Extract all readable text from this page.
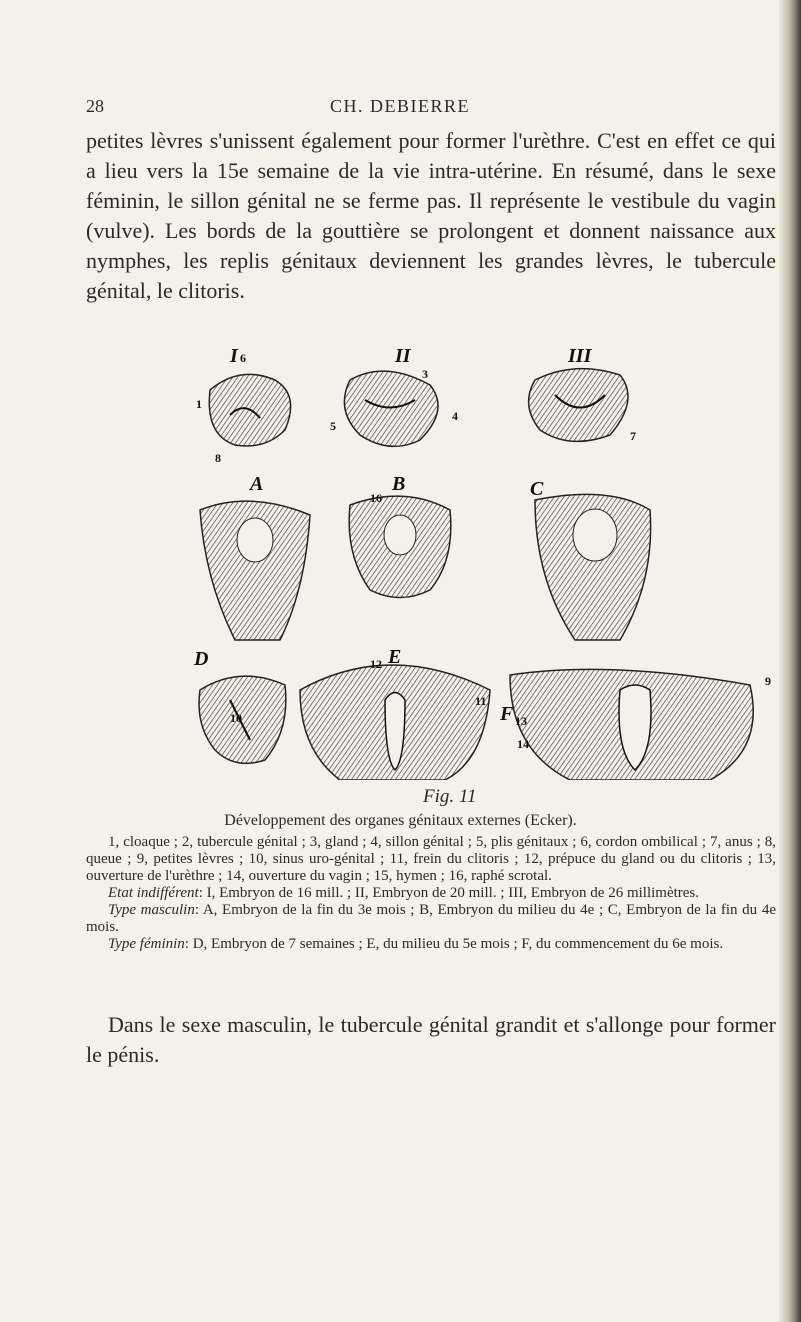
28	CH. DEBIERRE

petites lèvres s'unissent également pour former l'urèthre. C'est en effet ce qui a lieu vers la 15e semaine de la vie intra-utérine. En résumé, dans le sexe féminin, le sillon génital ne se ferme pas. Il représente le vestibule du vagin (vulve). Les bords de la gouttière se prolongent et donnent naissance aux nymphes, les replis génitaux deviennent les grandes lèvres, le tubercule génital, le clitoris.

I	II	III
A	B	C
D	E
F
1
3
4
5
6
7
8
9
10
11
12
13
14
16
Fig. 11
Développement des organes génitaux externes (Ecker).

1, cloaque ; 2, tubercule génital ; 3, gland ; 4, sillon génital ; 5, plis génitaux ; 6, cordon ombilical ; 7, anus ; 8, queue ; 9, petites lèvres ; 10, sinus uro-génital ; 11, frein du clitoris ; 12, prépuce du gland ou du clitoris ; 13, ouverture de l'urèthre ; 14, ouverture du vagin ; 15, hymen ; 16, raphé scrotal.

Etat indifférent: I, Embryon de 16 mill. ; II, Embryon de 20 mill. ; III, Embryon de 26 millimètres.

Type masculin: A, Embryon de la fin du 3e mois ; B, Embryon du milieu du 4e ; C, Embryon de la fin du 4e mois.

Type féminin: D, Embryon de 7 semaines ; E, du milieu du 5e mois ; F, du commencement du 6e mois.

Dans le sexe masculin, le tubercule génital grandit et s'allonge pour former le pénis.
